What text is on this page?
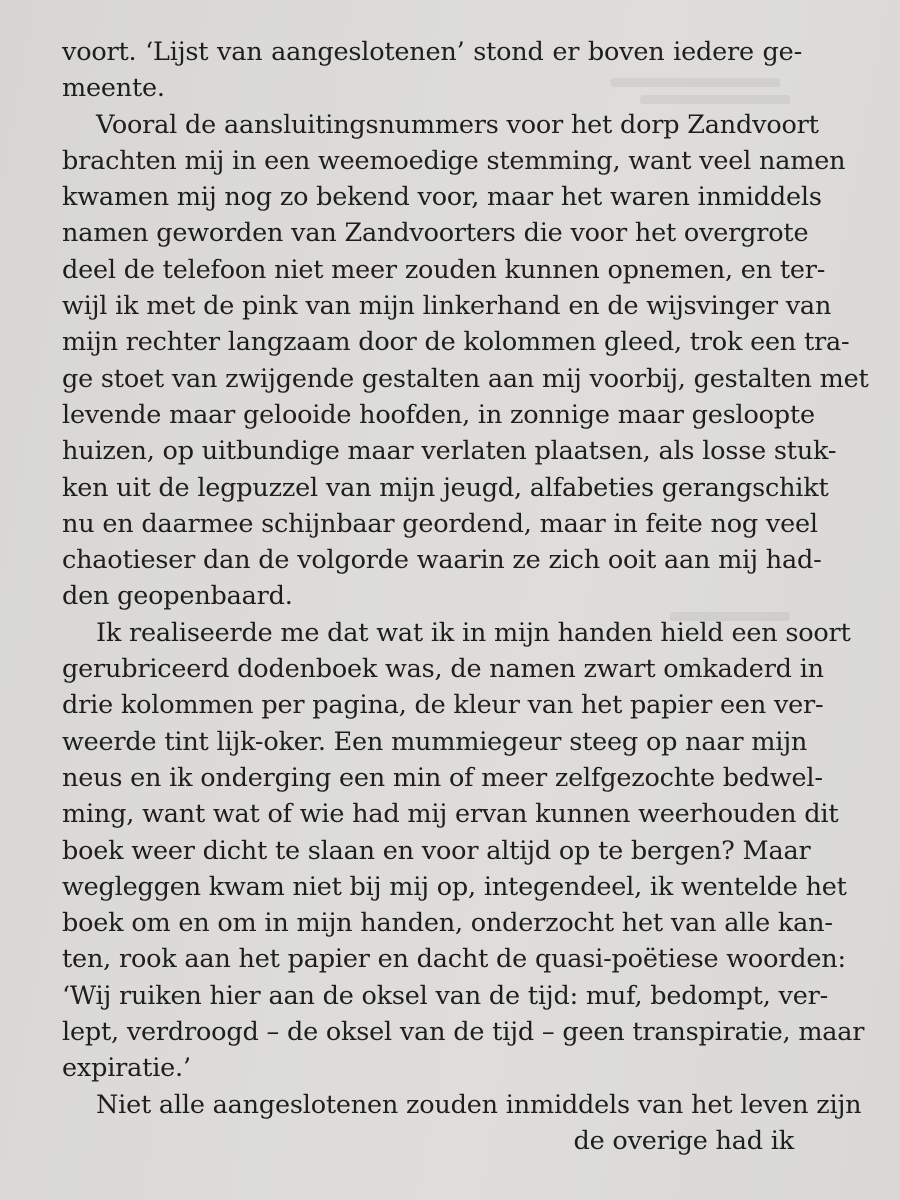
voort. ‘Lijst van aangeslotenen’ stond er boven iedere ge-
meente.
Vooral de aansluitingsnummers voor het dorp Zandvoort
brachten mij in een weemoedige stemming, want veel namen
kwamen mij nog zo bekend voor, maar het waren inmiddels
namen geworden van Zandvoorters die voor het overgrote
deel de telefoon niet meer zouden kunnen opnemen, en ter-
wijl ik met de pink van mijn linkerhand en de wijsvinger van
mijn rechter langzaam door de kolommen gleed, trok een tra-
ge stoet van zwijgende gestalten aan mij voorbij, gestalten met
levende maar gelooide hoofden, in zonnige maar gesloopte
huizen, op uitbundige maar verlaten plaatsen, als losse stuk-
ken uit de legpuzzel van mijn jeugd, alfabeties gerangschikt
nu en daarmee schijnbaar geordend, maar in feite nog veel
chaotieser dan de volgorde waarin ze zich ooit aan mij had-
den geopenbaard.
Ik realiseerde me dat wat ik in mijn handen hield een soort
gerubriceerd dodenboek was, de namen zwart omkaderd in
drie kolommen per pagina, de kleur van het papier een ver-
weerde tint lijk-oker. Een mummiegeur steeg op naar mijn
neus en ik onderging een min of meer zelfgezochte bedwel-
ming, want wat of wie had mij ervan kunnen weerhouden dit
boek weer dicht te slaan en voor altijd op te bergen? Maar
wegleggen kwam niet bij mij op, integendeel, ik wentelde het
boek om en om in mijn handen, onderzocht het van alle kan-
ten, rook aan het papier en dacht de quasi-poëtiese woorden:
‘Wij ruiken hier aan de oksel van de tijd: muf, bedompt, ver-
lept, verdroogd – de oksel van de tijd – geen transpiratie, maar
expiratie.’
Niet alle aangeslotenen zouden inmiddels van het leven zijn
de overige had ik
